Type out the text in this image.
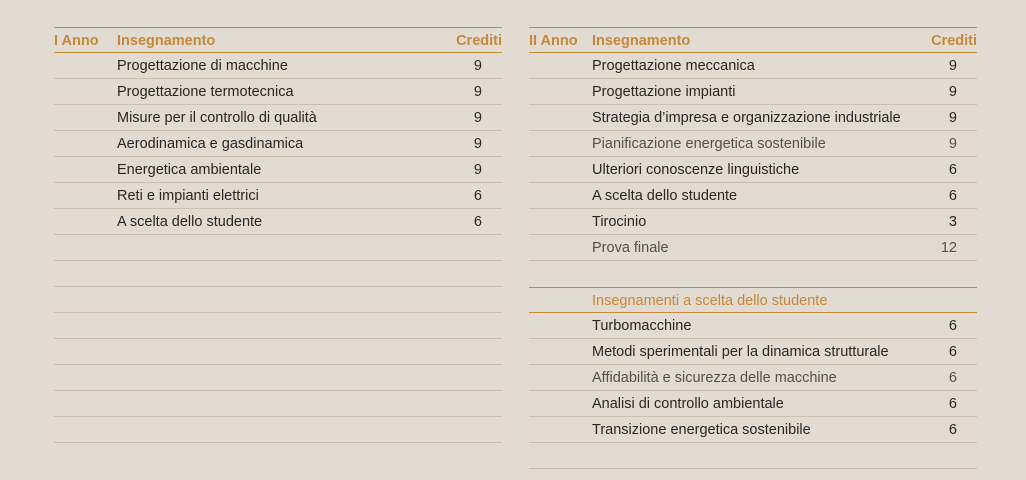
I Anno Insegnamento	Crediti
Progettazione di macchine	9
Progettazione termotecnica	9
Misure per il controllo di qualità	9
Aerodinamica e gasdinamica	9
Energetica ambientale	9
Reti e impianti elettrici	6
A scelta dello studente	6
II Anno Insegnamento	Crediti
Progettazione meccanica	9
Progettazione impianti	9
Strategia d’impresa e organizzazione industriale	9
Pianificazione energetica sostenibile	9
Ulteriori conoscenze linguistiche	6
A scelta dello studente	6
Tirocinio	3
Prova finale	12
Insegnamenti a scelta dello studente
Turbomacchine	6
Metodi sperimentali per la dinamica strutturale	6
Affidabilità e sicurezza delle macchine	6
Analisi di controllo ambientale	6
Transizione energetica sostenibile	6
